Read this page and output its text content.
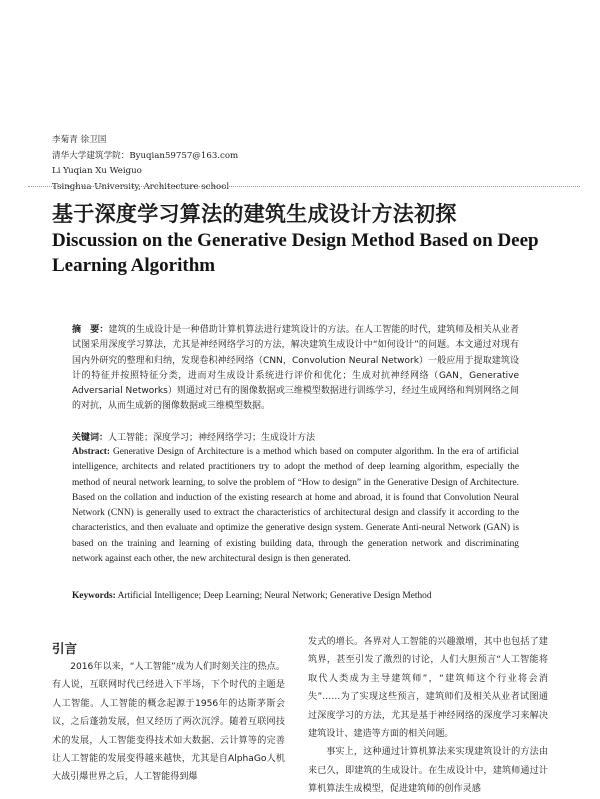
李菊青 徐卫国
清华大学建筑学院：Byuqian59757@163.com
Li Yuqian Xu Weiguo
Tsinghua University, Architecture school
基于深度学习算法的建筑生成设计方法初探
Discussion on the Generative Design Method Based on Deep Learning Algorithm
摘　要：建筑的生成设计是一种借助计算机算法进行建筑设计的方法。在人工智能的时代，建筑师及相关从业者试图采用深度学习算法，尤其是神经网络学习的方法，解决建筑生成设计中“如何设计”的问题。本文通过对现有国内外研究的整理和归纳，发现卷积神经网络（CNN，Convolution Neural Network）一般应用于提取建筑设计的特征并按照特征分类，进而对生成设计系统进行评价和优化；生成对抗神经网络（GAN，Generative Adversarial Networks）则通过对已有的图像数据或三维模型数据进行训练学习，经过生成网络和判别网络之间的对抗，从而生成新的图像数据或三维模型数据。
关键词：人工智能；深度学习；神经网络学习；生成设计方法
Abstract: Generative Design of Architecture is a method which based on computer algorithm. In the era of artificial intelligence, architects and related practitioners try to adopt the method of deep learning algorithm, especially the method of neural network learning, to solve the problem of “How to design” in the Generative Design of Architecture. Based on the collation and induction of the existing research at home and abroad, it is found that Convolution Neural Network (CNN) is generally used to extract the characteristics of architectural design and classify it according to the characteristics, and then evaluate and optimize the generative design system. Generate Anti-neural Network (GAN) is based on the training and learning of existing building data, through the generation network and discriminating network against each other, the new architectural design is then generated.
Keywords: Artificial Intelligence; Deep Learning; Neural Network; Generative Design Method
引言
2016年以来，“人工智能”成为人们时刻关注的热点。有人说，互联网时代已经进入下半场，下个时代的主题是人工智能。人工智能的概念起源于1956年的达斯茅斯会议，之后蓬勃发展，但又经历了两次沉浮。随着互联网技术的发展，人工智能变得技术如大数据、云计算等的完善让人工智能的发展变得越来越快，尤其是自AlphaGo人机大战引爆世界之后，人工智能得到爆
发式的增长。各界对人工智能的兴趣激增，其中也包括了建筑界，甚至引发了激烈的讨论，人们大胆预言“人工智能将取代人类成为主导建筑师”，“建筑师这个行业将会消失”……为了实现这些预言，建筑师们及相关从业者试图通过深度学习的方法，尤其是基于神经网络的深度学习来解决建筑设计、建造等方面的相关问题。
事实上，这种通过计算机算法来实现建筑设计的方法由来已久，即建筑的生成设计。在生成设计中，建筑师通过计算机算法生成模型，促进建筑师的创作灵感
